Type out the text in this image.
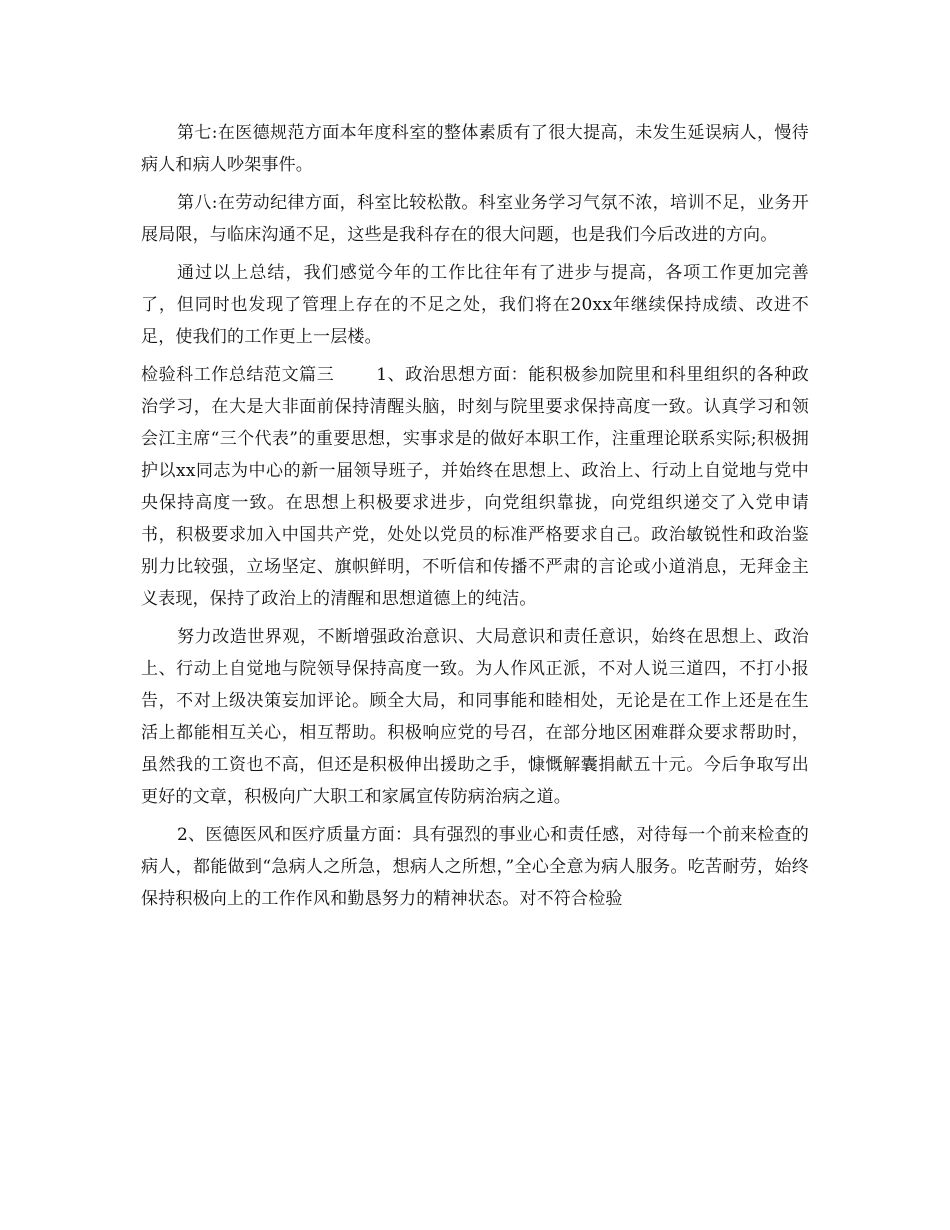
第七:在医德规范方面本年度科室的整体素质有了很大提高，未发生延误病人，慢待病人和病人吵架事件。

第八:在劳动纪律方面，科室比较松散。科室业务学习气氛不浓，培训不足，业务开展局限，与临床沟通不足，这些是我科存在的很大问题，也是我们今后改进的方向。

通过以上总结，我们感觉今年的工作比往年有了进步与提高，各项工作更加完善了，但同时也发现了管理上存在的不足之处，我们将在20xx年继续保持成绩、改进不足，使我们的工作更上一层楼。

检验科工作总结范文篇三 1、政治思想方面：能积极参加院里和科里组织的各种政治学习，在大是大非面前保持清醒头脑，时刻与院里要求保持高度一致。认真学习和领会江主席“三个代表”的重要思想，实事求是的做好本职工作，注重理论联系实际;积极拥护以xx同志为中心的新一届领导班子，并始终在思想上、政治上、行动上自觉地与党中央保持高度一致。在思想上积极要求进步，向党组织靠拢，向党组织递交了入党申请书，积极要求加入中国共产党，处处以党员的标准严格要求自己。政治敏锐性和政治鉴别力比较强，立场坚定、旗帜鲜明，不听信和传播不严肃的言论或小道消息，无拜金主义表现，保持了政治上的清醒和思想道德上的纯洁。

努力改造世界观，不断增强政治意识、大局意识和责任意识，始终在思想上、政治上、行动上自觉地与院领导保持高度一致。为人作风正派，不对人说三道四，不打小报告，不对上级决策妄加评论。顾全大局，和同事能和睦相处，无论是在工作上还是在生活上都能相互关心，相互帮助。积极响应党的号召，在部分地区困难群众要求帮助时，虽然我的工资也不高，但还是积极伸出援助之手，慷慨解囊捐献五十元。今后争取写出更好的文章，积极向广大职工和家属宣传防病治病之道。

2、医德医风和医疗质量方面：具有强烈的事业心和责任感，对待每一个前来检查的病人，都能做到“急病人之所急，想病人之所想，”全心全意为病人服务。吃苦耐劳，始终保持积极向上的工作作风和勤恳努力的精神状态。对不符合检验
